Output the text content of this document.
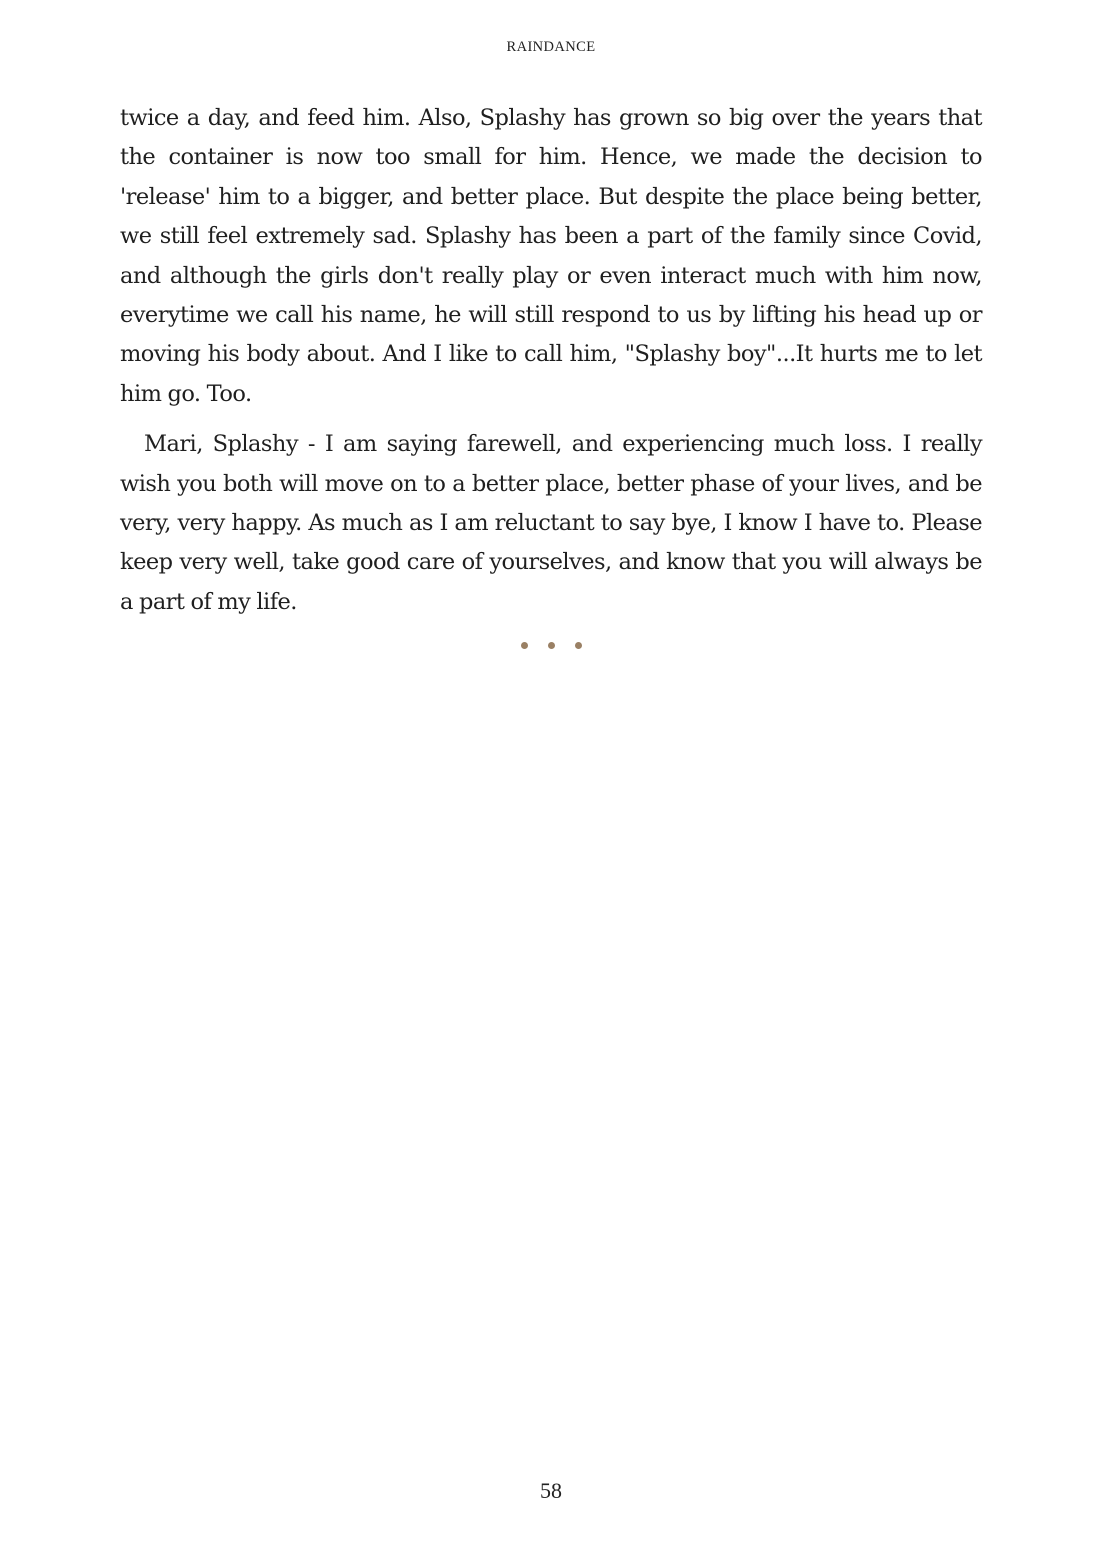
RAINDANCE

twice a day, and feed him. Also, Splashy has grown so big over the years that the container is now too small for him. Hence, we made the decision to 'release' him to a bigger, and better place. But despite the place being better, we still feel extremely sad. Splashy has been a part of the family since Covid, and although the girls don't really play or even interact much with him now, everytime we call his name, he will still respond to us by lifting his head up or moving his body about. And I like to call him, "Splashy boy"...It hurts me to let him go. Too.

Mari, Splashy - I am saying farewell, and experiencing much loss. I really wish you both will move on to a better place, better phase of your lives, and be very, very happy. As much as I am reluctant to say bye, I know I have to. Please keep very well, take good care of yourselves, and know that you will always be a part of my life.

58
